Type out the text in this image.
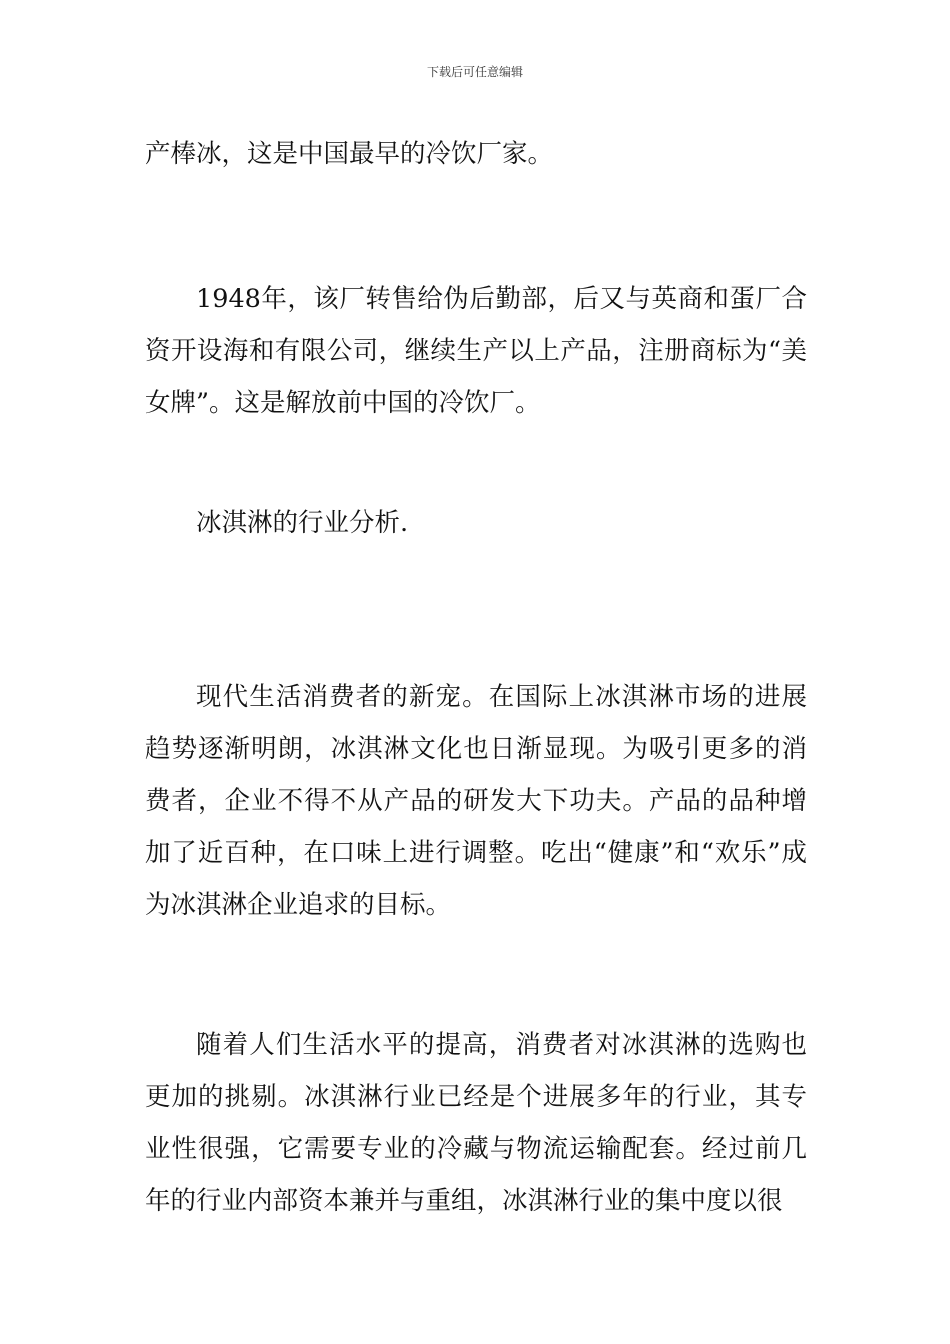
下载后可任意编辑

产棒冰，这是中国最早的冷饮厂家。

1948年，该厂转售给伪后勤部，后又与英商和蛋厂合资开设海和有限公司，继续生产以上产品，注册商标为“美女牌”。这是解放前中国的冷饮厂。

冰淇淋的行业分析.

现代生活消费者的新宠。在国际上冰淇淋市场的进展趋势逐渐明朗，冰淇淋文化也日渐显现。为吸引更多的消费者，企业不得不从产品的研发大下功夫。产品的品种增加了近百种，在口味上进行调整。吃出“健康”和“欢乐”成为冰淇淋企业追求的目标。

随着人们生活水平的提高，消费者对冰淇淋的选购也更加的挑剔。冰淇淋行业已经是个进展多年的行业，其专业性很强，它需要专业的冷藏与物流运输配套。经过前几年的行业内部资本兼并与重组，冰淇淋行业的集中度以很
